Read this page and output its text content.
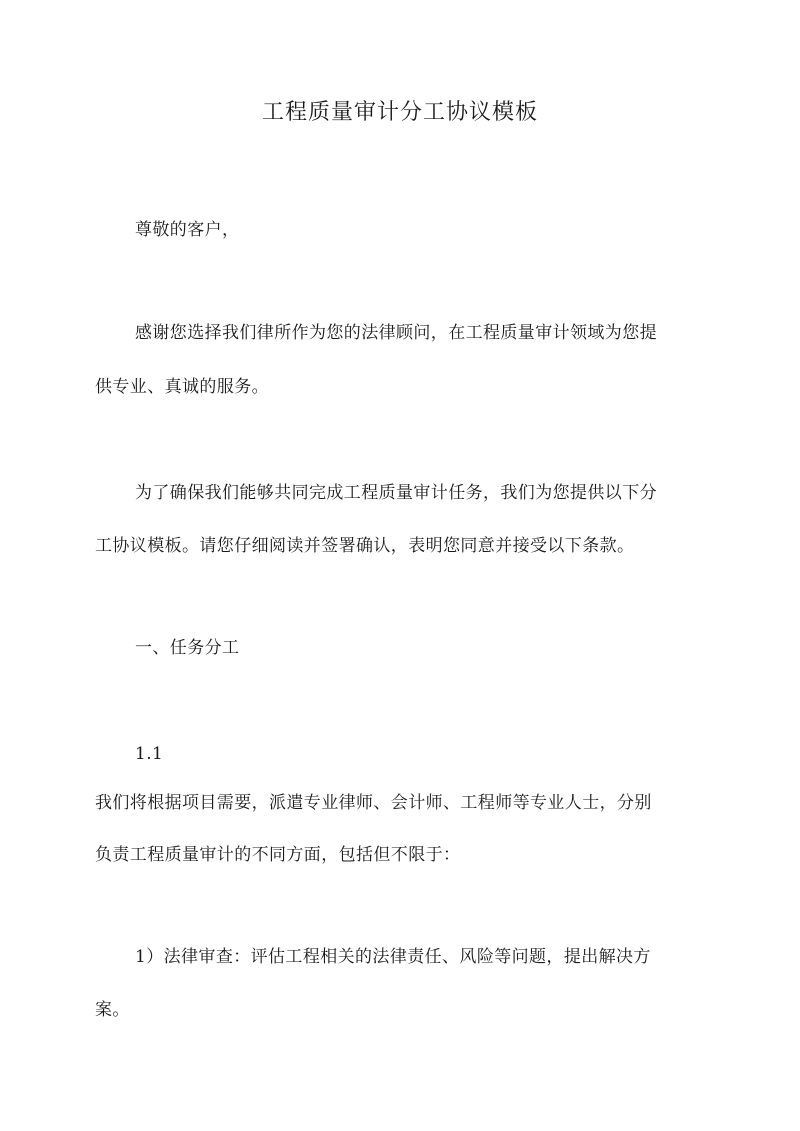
工程质量审计分工协议模板
尊敬的客户，
感谢您选择我们律所作为您的法律顾问，在工程质量审计领域为您提
供专业、真诚的服务。
为了确保我们能够共同完成工程质量审计任务，我们为您提供以下分
工协议模板。请您仔细阅读并签署确认，表明您同意并接受以下条款。
一、任务分工
1.1
我们将根据项目需要，派遣专业律师、会计师、工程师等专业人士，分别
负责工程质量审计的不同方面，包括但不限于：
1）法律审查：评估工程相关的法律责任、风险等问题，提出解决方
案。
